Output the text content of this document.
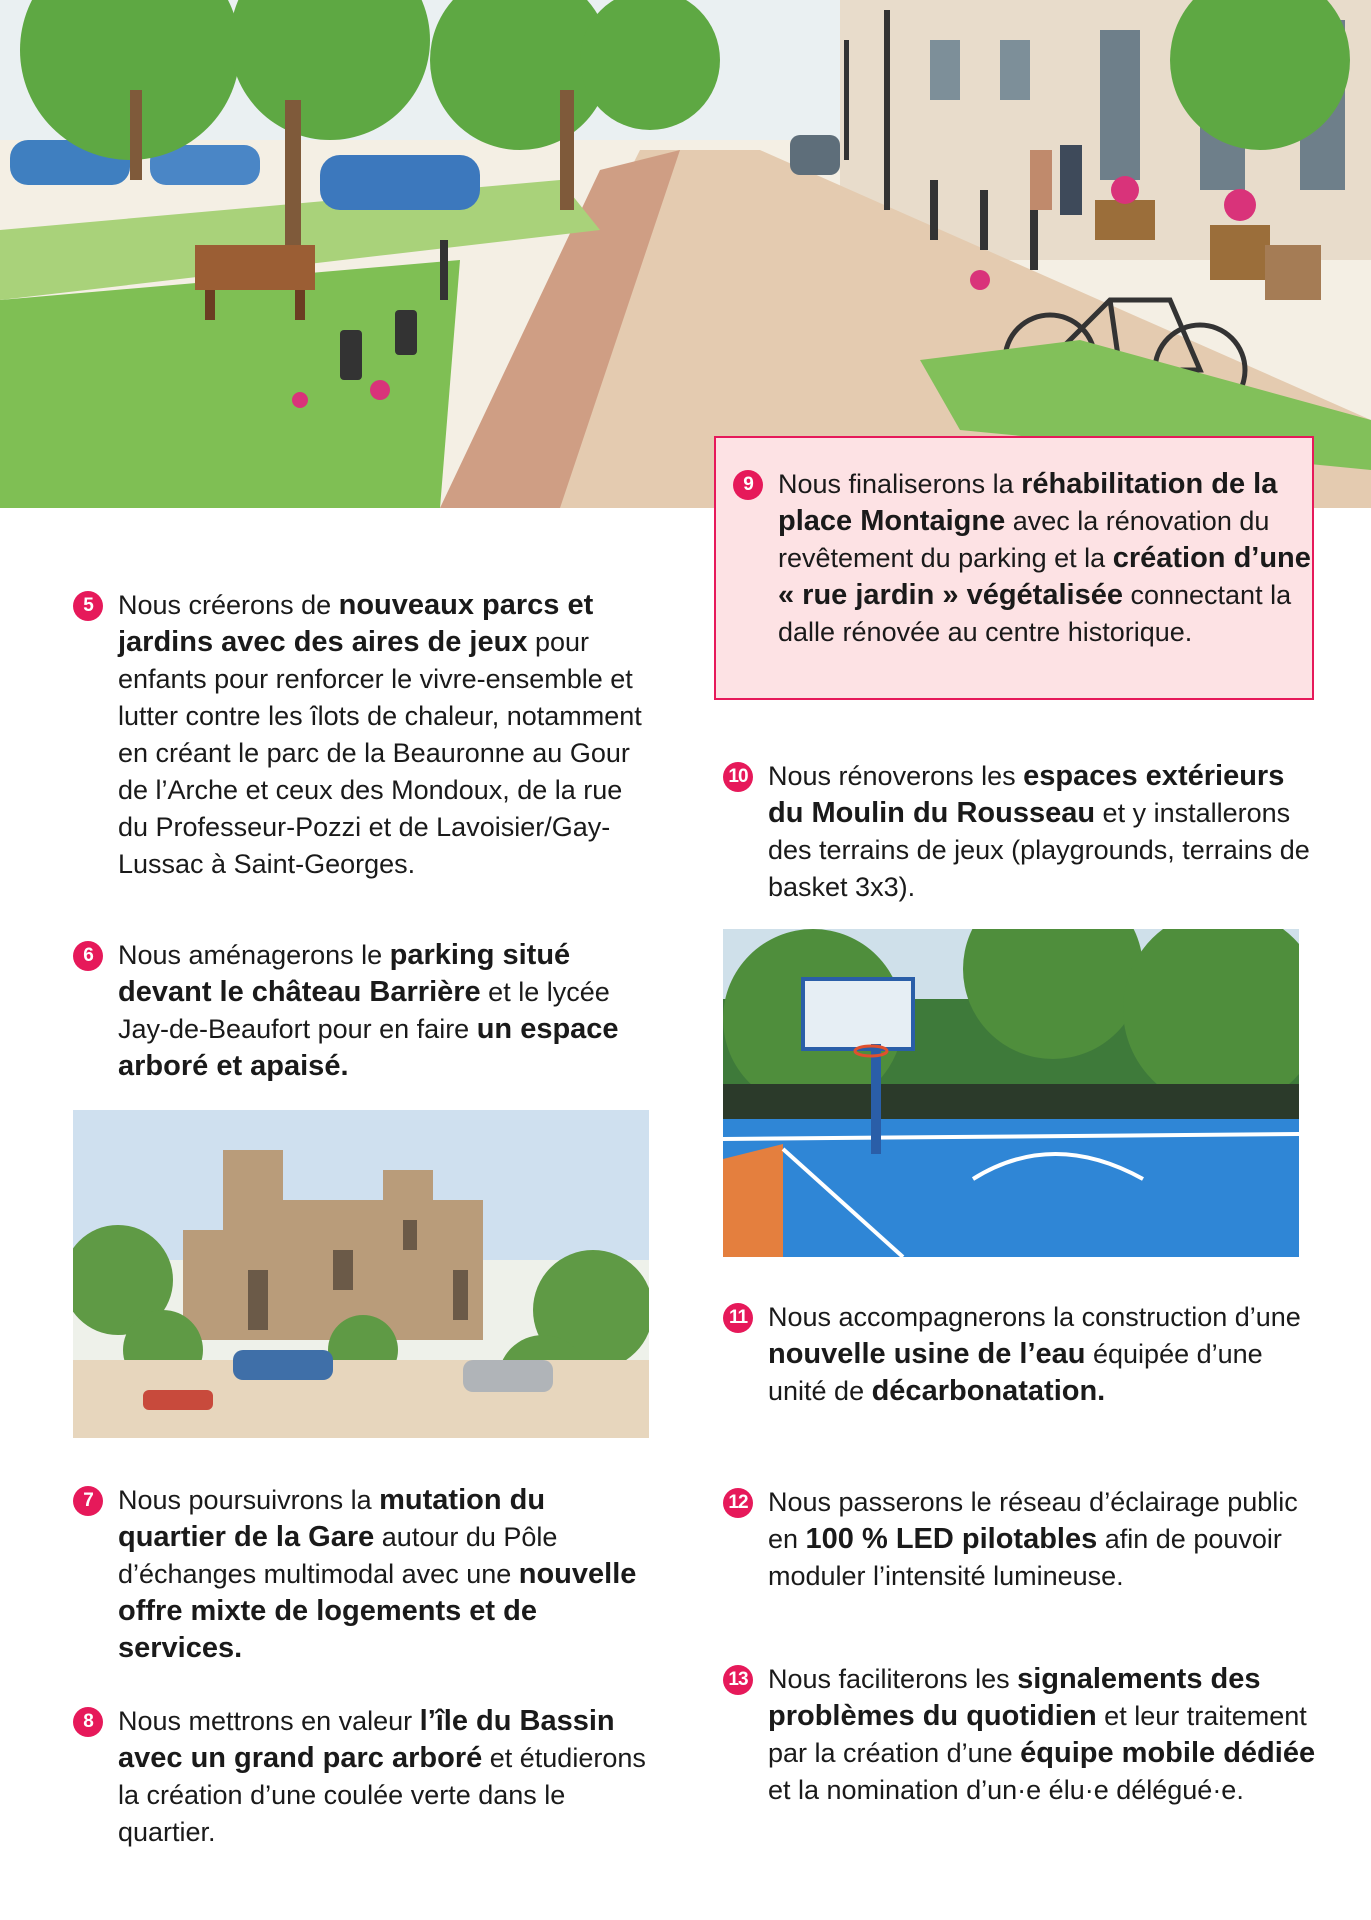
5 Nous créerons de nouveaux parcs et jardins avec des aires de jeux pour enfants pour renforcer le vivre-ensemble et lutter contre les îlots de chaleur, notamment en créant le parc de la Beauronne au Gour de l’Arche et ceux des Mondoux, de la rue du Professeur-Pozzi et de Lavoisier/Gay-Lussac à Saint-Georges.

6 Nous aménagerons le parking situé devant le château Barrière et le lycée Jay-de-Beaufort pour en faire un espace arboré et apaisé.

7 Nous poursuivrons la mutation du quartier de la Gare autour du Pôle d’échanges multimodal avec une nouvelle offre mixte de logements et de services.

8 Nous mettrons en valeur l’île du Bassin avec un grand parc arboré et étudierons la création d’une coulée verte dans le quartier.

9 Nous finaliserons la réhabilitation de la place Montaigne avec la rénovation du revêtement du parking et la création d’une « rue jardin » végétalisée connectant la dalle rénovée au centre historique.

10 Nous rénoverons les espaces extérieurs du Moulin du Rousseau et y installerons des terrains de jeux (playgrounds, terrains de basket 3x3).

11 Nous accompagnerons la construction d’une nouvelle usine de l’eau équipée d’une unité de décarbonatation.

12 Nous passerons le réseau d’éclairage public en 100 % LED pilotables afin de pouvoir moduler l’intensité lumineuse.

13 Nous faciliterons les signalements des problèmes du quotidien et leur traitement par la création d’une équipe mobile dédiée et la nomination d’un·e élu·e délégué·e.
